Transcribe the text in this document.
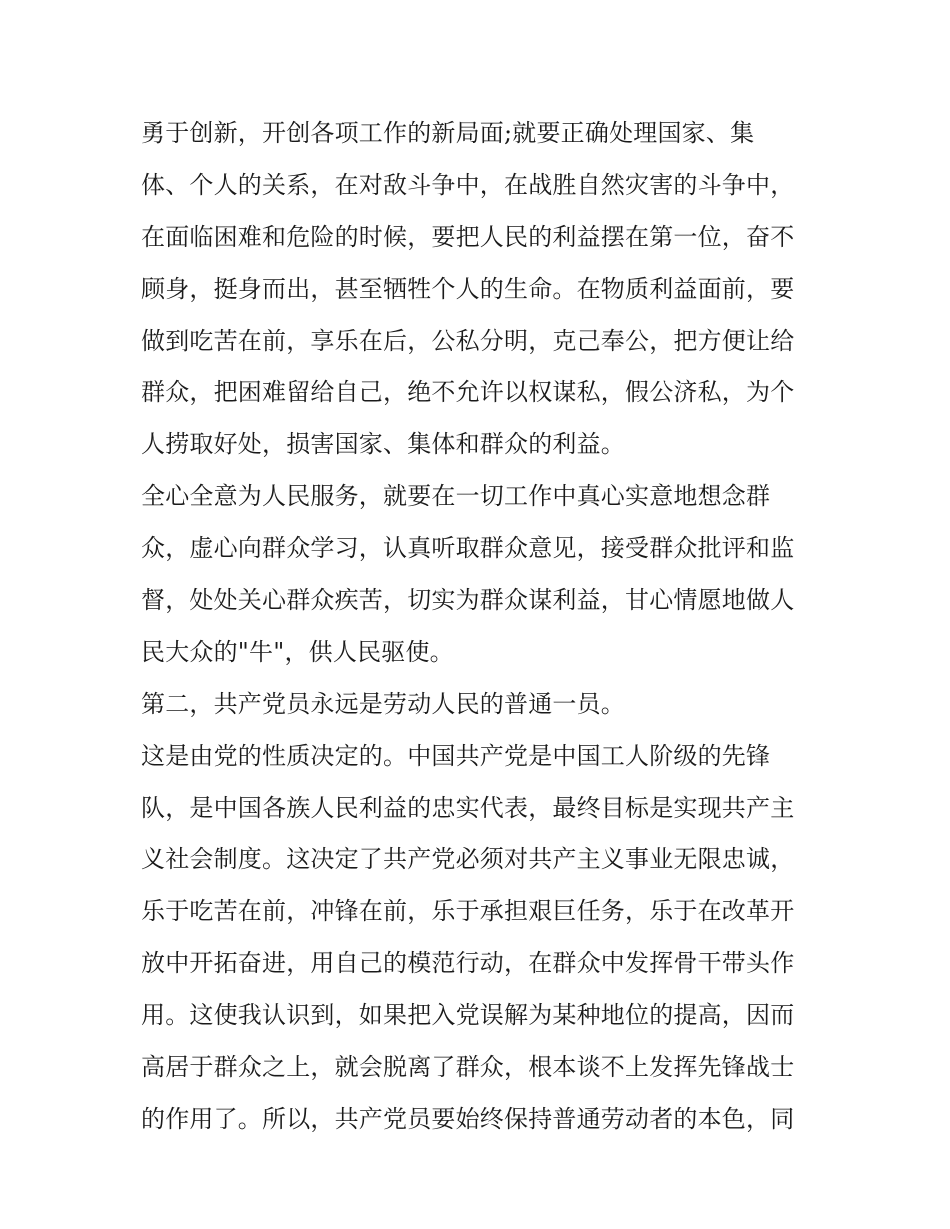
勇于创新，开创各项工作的新局面;就要正确处理国家、集
体、个人的关系，在对敌斗争中，在战胜自然灾害的斗争中，
在面临困难和危险的时候，要把人民的利益摆在第一位，奋不
顾身，挺身而出，甚至牺牲个人的生命。在物质利益面前，要
做到吃苦在前，享乐在后，公私分明，克己奉公，把方便让给
群众，把困难留给自己，绝不允许以权谋私，假公济私，为个
人捞取好处，损害国家、集体和群众的利益。
全心全意为人民服务，就要在一切工作中真心实意地想念群
众，虚心向群众学习，认真听取群众意见，接受群众批评和监
督，处处关心群众疾苦，切实为群众谋利益，甘心情愿地做人
民大众的"牛"，供人民驱使。
第二，共产党员永远是劳动人民的普通一员。
这是由党的性质决定的。中国共产党是中国工人阶级的先锋
队，是中国各族人民利益的忠实代表，最终目标是实现共产主
义社会制度。这决定了共产党必须对共产主义事业无限忠诚，
乐于吃苦在前，冲锋在前，乐于承担艰巨任务，乐于在改革开
放中开拓奋进，用自己的模范行动，在群众中发挥骨干带头作
用。这使我认识到，如果把入党误解为某种地位的提高，因而
高居于群众之上，就会脱离了群众，根本谈不上发挥先锋战士
的作用了。所以，共产党员要始终保持普通劳动者的本色，同
